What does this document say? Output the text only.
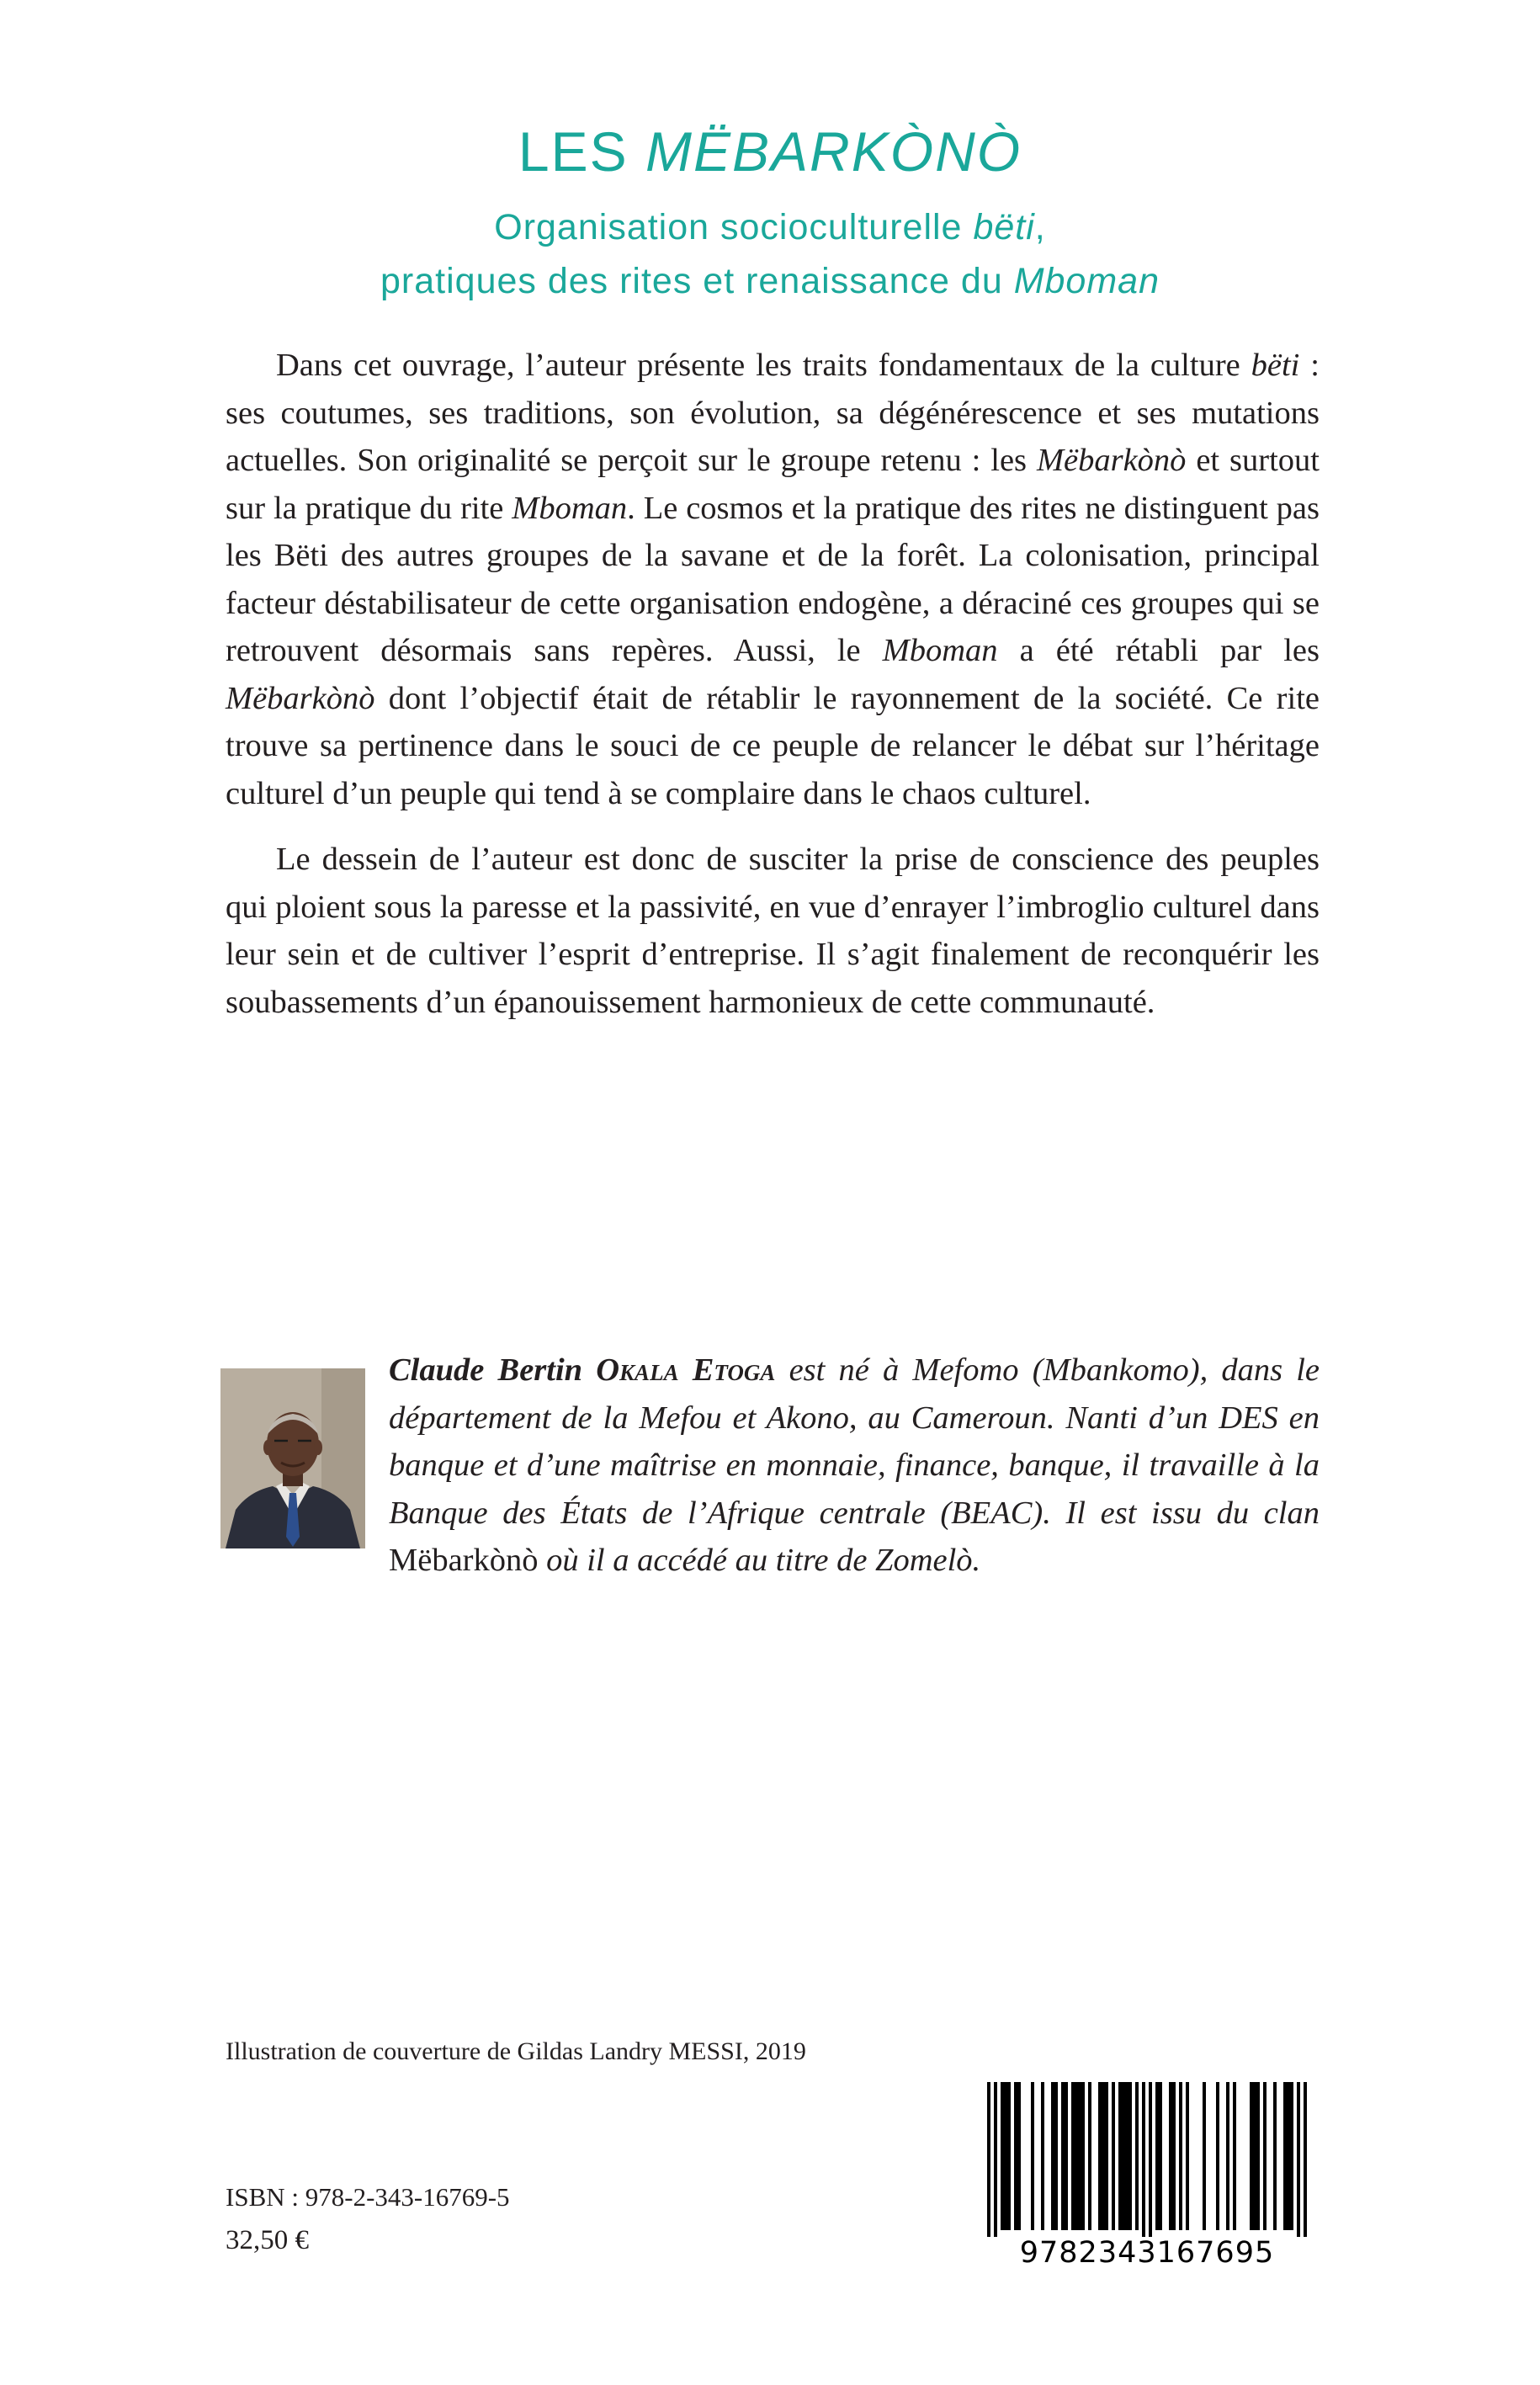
LES MËBARKÒNÒ
Organisation socioculturelle bëti,
pratiques des rites et renaissance du Mboman

Dans cet ouvrage, l’auteur présente les traits fondamentaux de la culture bëti : ses coutumes, ses traditions, son évolution, sa dégénérescence et ses mutations actuelles. Son originalité se perçoit sur le groupe retenu : les Mëbarkònò et surtout sur la pratique du rite Mboman. Le cosmos et la pratique des rites ne distinguent pas les Bëti des autres groupes de la savane et de la forêt. La colonisation, principal facteur déstabilisateur de cette organisation endogène, a déraciné ces groupes qui se retrouvent désormais sans repères. Aussi, le Mboman a été rétabli par les Mëbarkònò dont l’objectif était de rétablir le rayonnement de la société. Ce rite trouve sa pertinence dans le souci de ce peuple de relancer le débat sur l’héritage culturel d’un peuple qui tend à se complaire dans le chaos culturel.

Le dessein de l’auteur est donc de susciter la prise de conscience des peuples qui ploient sous la paresse et la passivité, en vue d’enrayer l’imbroglio culturel dans leur sein et de cultiver l’esprit d’entreprise. Il s’agit finalement de reconquérir les soubassements d’un épanouissement harmonieux de cette communauté.

Claude Bertin Okala Etoga est né à Mefomo (Mbankomo), dans le département de la Mefou et Akono, au Cameroun. Nanti d’un DES en banque et d’une maîtrise en monnaie, finance, banque, il travaille à la Banque des États de l’Afrique centrale (BEAC). Il est issu du clan Mëbarkònò où il a accédé au titre de Zomelò.
Illustration de couverture de Gildas Landry MESSI, 2019
ISBN : 978-2-343-16769-5
32,50 €	9782343167695
